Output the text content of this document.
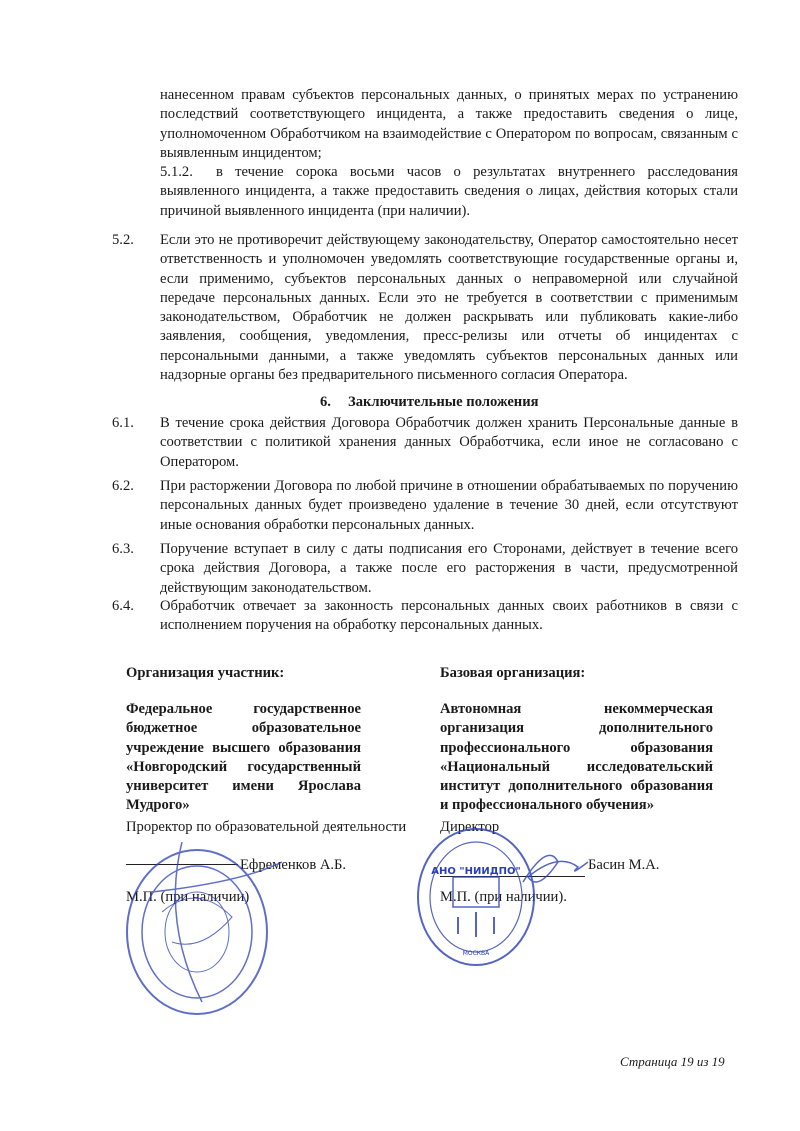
нанесенном правам субъектов персональных данных, о принятых мерах по устранению последствий соответствующего инцидента, а также предоставить сведения о лице, уполномоченном Обработчиком на взаимодействие с Оператором по вопросам, связанным с выявленным инцидентом;
5.1.2. в течение сорока восьми часов о результатах внутреннего расследования выявленного инцидента, а также предоставить сведения о лицах, действия которых стали причиной выявленного инцидента (при наличии).
5.2. Если это не противоречит действующему законодательству, Оператор самостоятельно несет ответственность и уполномочен уведомлять соответствующие государственные органы и, если применимо, субъектов персональных данных о неправомерной или случайной передаче персональных данных. Если это не требуется в соответствии с применимым законодательством, Обработчик не должен раскрывать или публиковать какие-либо заявления, сообщения, уведомления, пресс-релизы или отчеты об инцидентах с персональными данными, а также уведомлять субъектов персональных данных или надзорные органы без предварительного письменного согласия Оператора.
6. Заключительные положения
6.1. В течение срока действия Договора Обработчик должен хранить Персональные данные в соответствии с политикой хранения данных Обработчика, если иное не согласовано с Оператором.
6.2. При расторжении Договора по любой причине в отношении обрабатываемых по поручению персональных данных будет произведено удаление в течение 30 дней, если отсутствуют иные основания обработки персональных данных.
6.3. Поручение вступает в силу с даты подписания его Сторонами, действует в течение всего срока действия Договора, а также после его расторжения в части, предусмотренной действующим законодательством.
6.4. Обработчик отвечает за законность персональных данных своих работников в связи с исполнением поручения на обработку персональных данных.
Организация участник:
Федеральное государственное бюджетное образовательное учреждение высшего образования «Новгородский государственный университет имени Ярослава Мудрого»
Проректор по образовательной деятельности
Ефременков А.Б.
М.П. (при наличии)
Базовая организация:
Автономная некоммерческая организация дополнительного профессионального образования «Национальный исследовательский институт дополнительного образования и профессионального обучения»
Директор
Басин М.А.
М.П. (при наличии).
АНО "НИИДПО"
МОСКВА
Страница 19 из 19
